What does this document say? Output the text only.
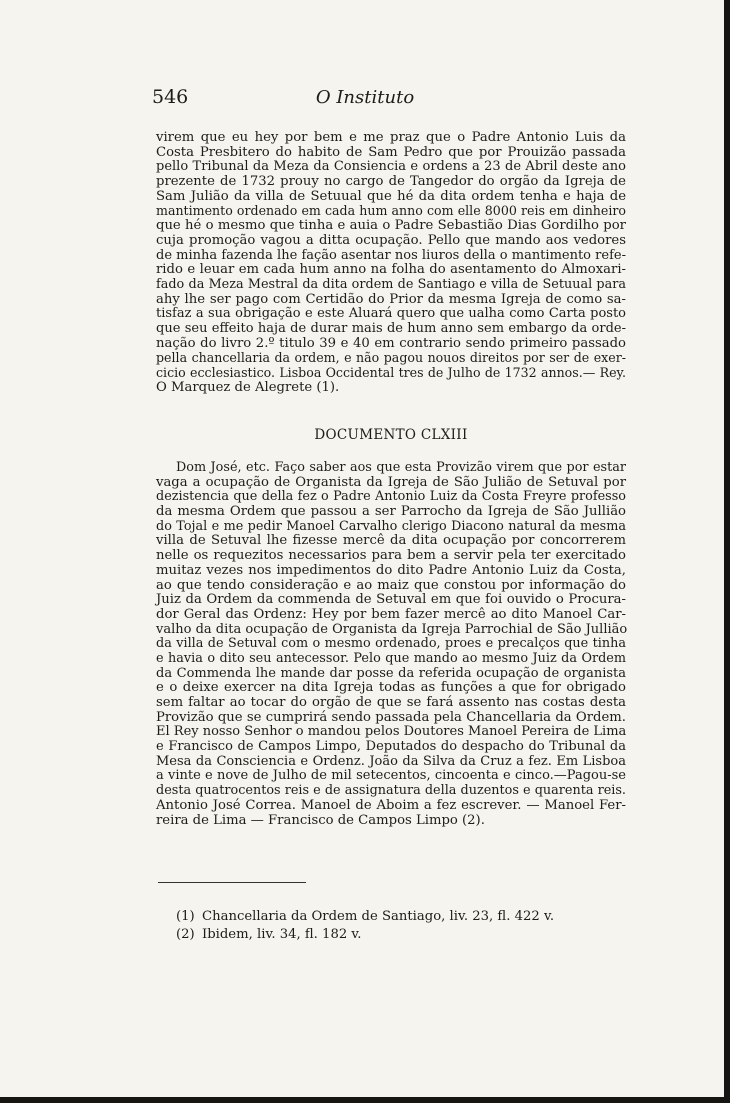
546	O Instituto
virem que eu hey por bem e me praz que o Padre Antonio Luis da
Costa Presbitero do habito de Sam Pedro que por Prouizão passada
pello Tribunal da Meza da Consiencia e ordens a 23 de Abril deste ano
prezente de 1732 prouy no cargo de Tangedor do orgão da Igreja de
Sam Julião da villa de Setuual que hé da dita ordem tenha e haja de
mantimento ordenado em cada hum anno com elle 8000 reis em dinheiro
que hé o mesmo que tinha e auia o Padre Sebastião Dias Gordilho por
cuja promoção vagou a ditta ocupação. Pello que mando aos vedores
de minha fazenda lhe fação asentar nos liuros della o mantimento refe-
rido e leuar em cada hum anno na folha do asentamento do Almoxari-
fado da Meza Mestral da dita ordem de Santiago e villa de Setuual para
ahy lhe ser pago com Certidão do Prior da mesma Igreja de como sa-
tisfaz a sua obrigação e este Aluará quero que ualha como Carta posto
que seu effeito haja de durar mais de hum anno sem embargo da orde-
nação do livro 2.º titulo 39 e 40 em contrario sendo primeiro passado
pella chancellaria da ordem, e não pagou nouos direitos por ser de exer-
cicio ecclesiastico. Lisboa Occidental tres de Julho de 1732 annos.— Rey.
O Marquez de Alegrete (1).
DOCUMENTO CLXIII
Dom José, etc. Faço saber aos que esta Provizão virem que por estar
vaga a ocupação de Organista da Igreja de São Julião de Setuval por
dezistencia que della fez o Padre Antonio Luiz da Costa Freyre professo
da mesma Ordem que passou a ser Parrocho da Igreja de São Jullião
do Tojal e me pedir Manoel Carvalho clerigo Diacono natural da mesma
villa de Setuval lhe fizesse mercê da dita ocupação por concorrerem
nelle os requezitos necessarios para bem a servir pela ter exercitado
muitaz vezes nos impedimentos do dito Padre Antonio Luiz da Costa,
ao que tendo consideração e ao maiz que constou por informação do
Juiz da Ordem da commenda de Setuval em que foi ouvido o Procura-
dor Geral das Ordenz: Hey por bem fazer mercê ao dito Manoel Car-
valho da dita ocupação de Organista da Igreja Parrochial de São Jullião
da villa de Setuval com o mesmo ordenado, proes e precalços que tinha
e havia o dito seu antecessor. Pelo que mando ao mesmo Juiz da Ordem
da Commenda lhe mande dar posse da referida ocupação de organista
e o deixe exercer na dita Igreja todas as funções a que for obrigado
sem faltar ao tocar do orgão de que se fará assento nas costas desta
Provizão que se cumprirá sendo passada pela Chancellaria da Ordem.
El Rey nosso Senhor o mandou pelos Doutores Manoel Pereira de Lima
e Francisco de Campos Limpo, Deputados do despacho do Tribunal da
Mesa da Consciencia e Ordenz. João da Silva da Cruz a fez. Em Lisboa
a vinte e nove de Julho de mil setecentos, cincoenta e cinco.—Pagou-se
desta quatrocentos reis e de assignatura della duzentos e quarenta reis.
Antonio José Correa. Manoel de Aboim a fez escrever. — Manoel Fer-
reira de Lima — Francisco de Campos Limpo (2).
(1) Chancellaria da Ordem de Santiago, liv. 23, fl. 422 v.
(2) Ibidem, liv. 34, fl. 182 v.
